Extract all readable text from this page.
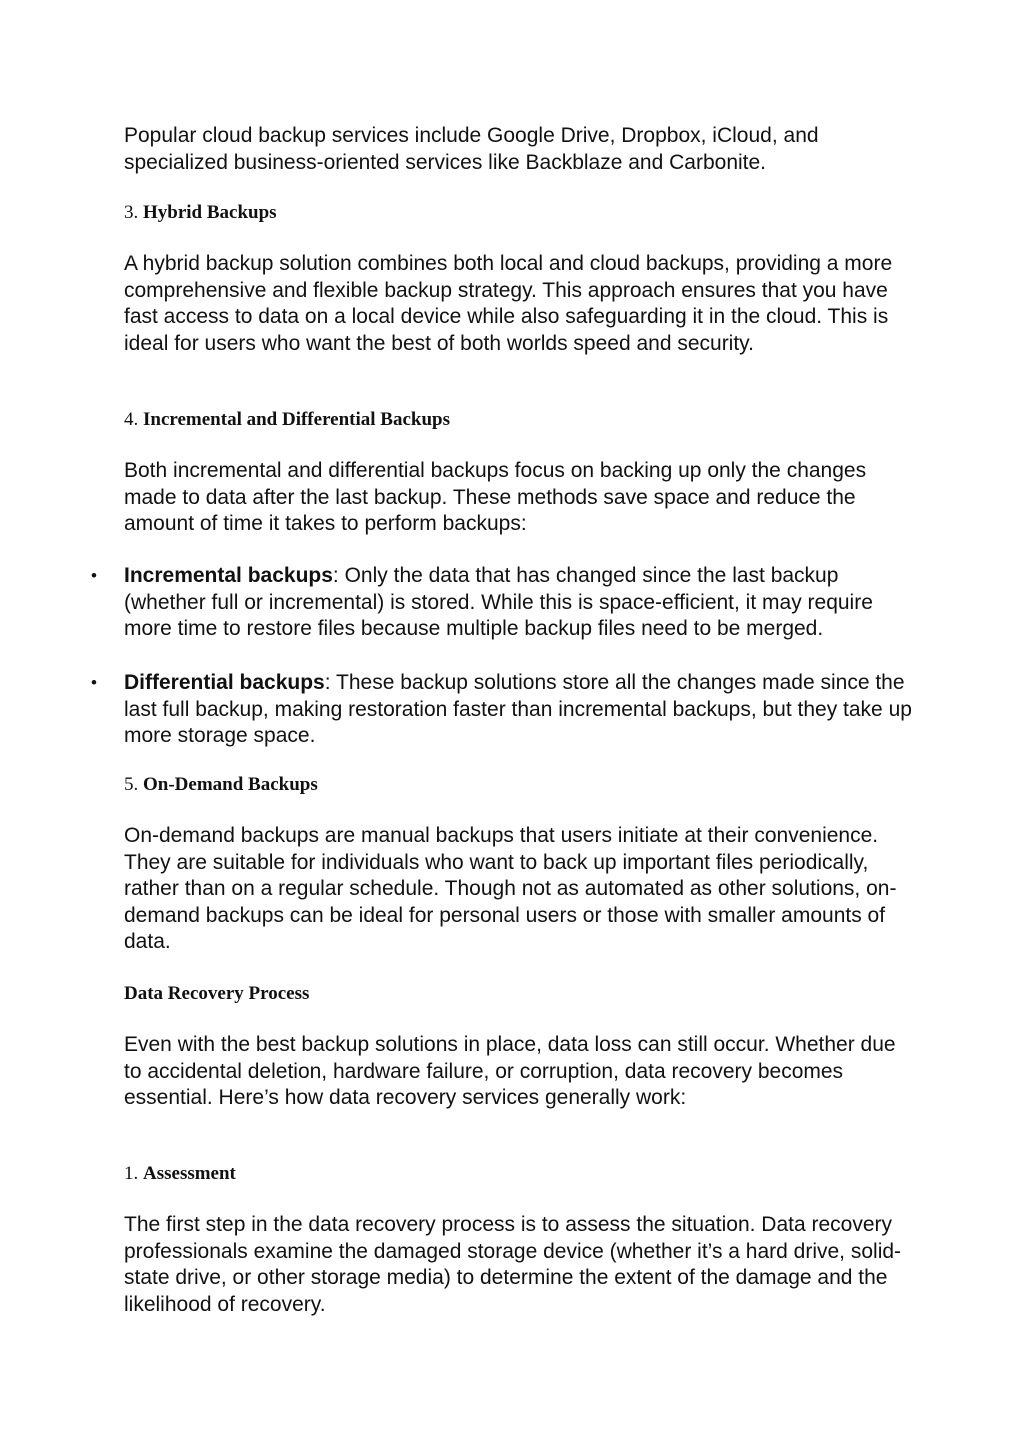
Popular cloud backup services include Google Drive, Dropbox, iCloud, and specialized business-oriented services like Backblaze and Carbonite.

3. Hybrid Backups

A hybrid backup solution combines both local and cloud backups, providing a more comprehensive and flexible backup strategy. This approach ensures that you have fast access to data on a local device while also safeguarding it in the cloud. This is ideal for users who want the best of both worlds speed and security.

4. Incremental and Differential Backups

Both incremental and differential backups focus on backing up only the changes made to data after the last backup. These methods save space and reduce the amount of time it takes to perform backups:

• Incremental backups: Only the data that has changed since the last backup (whether full or incremental) is stored. While this is space-efficient, it may require more time to restore files because multiple backup files need to be merged.
• Differential backups: These backup solutions store all the changes made since the last full backup, making restoration faster than incremental backups, but they take up more storage space.

5. On-Demand Backups

On-demand backups are manual backups that users initiate at their convenience. They are suitable for individuals who want to back up important files periodically, rather than on a regular schedule. Though not as automated as other solutions, on-demand backups can be ideal for personal users or those with smaller amounts of data.

Data Recovery Process

Even with the best backup solutions in place, data loss can still occur. Whether due to accidental deletion, hardware failure, or corruption, data recovery becomes essential. Here’s how data recovery services generally work:

1. Assessment

The first step in the data recovery process is to assess the situation. Data recovery professionals examine the damaged storage device (whether it’s a hard drive, solid-state drive, or other storage media) to determine the extent of the damage and the likelihood of recovery.
